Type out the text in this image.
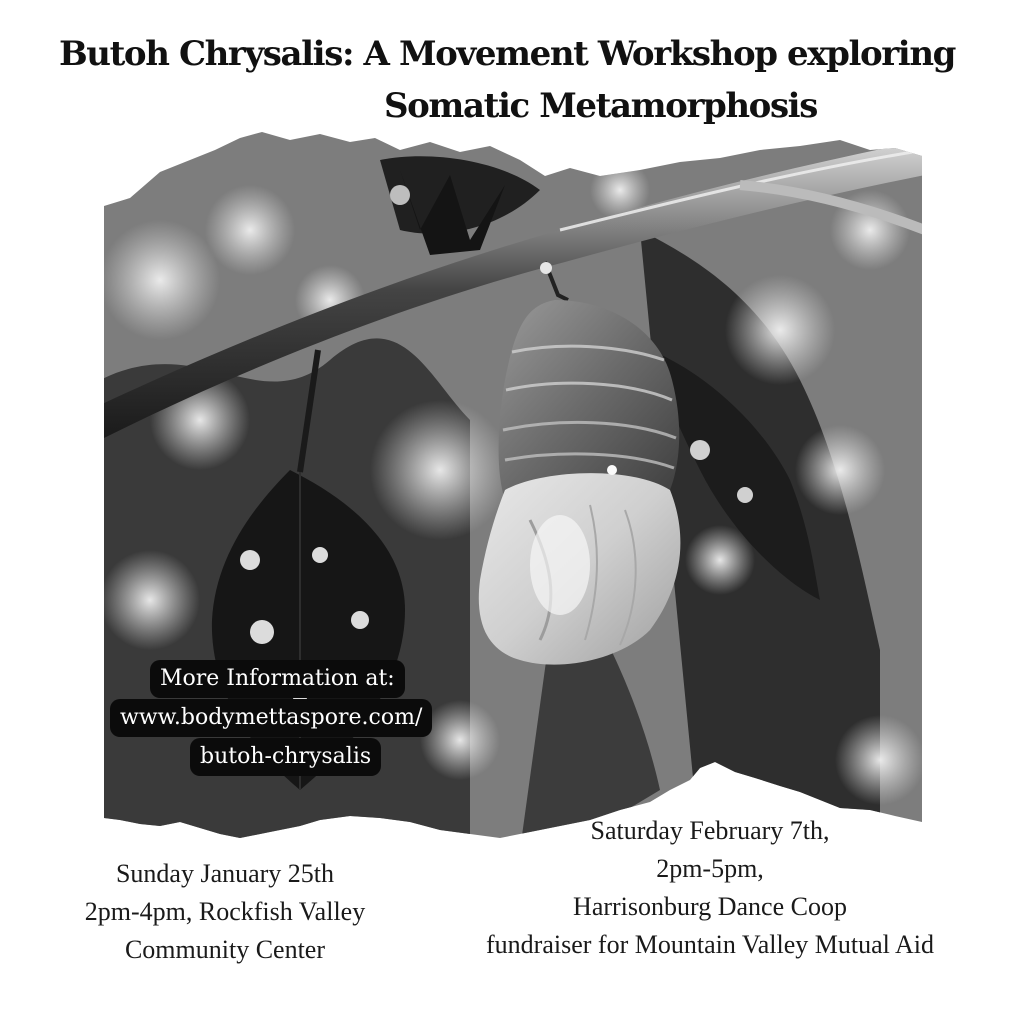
Butoh Chrysalis: A Movement Workshop exploring
Somatic Metamorphosis
More Information at:
www.bodymettaspore.com/
butoh-chrysalis
Sunday January 25th
2pm-4pm, Rockfish Valley
Community Center
Saturday February 7th,
2pm-5pm,
Harrisonburg Dance Coop
fundraiser for Mountain Valley Mutual Aid
